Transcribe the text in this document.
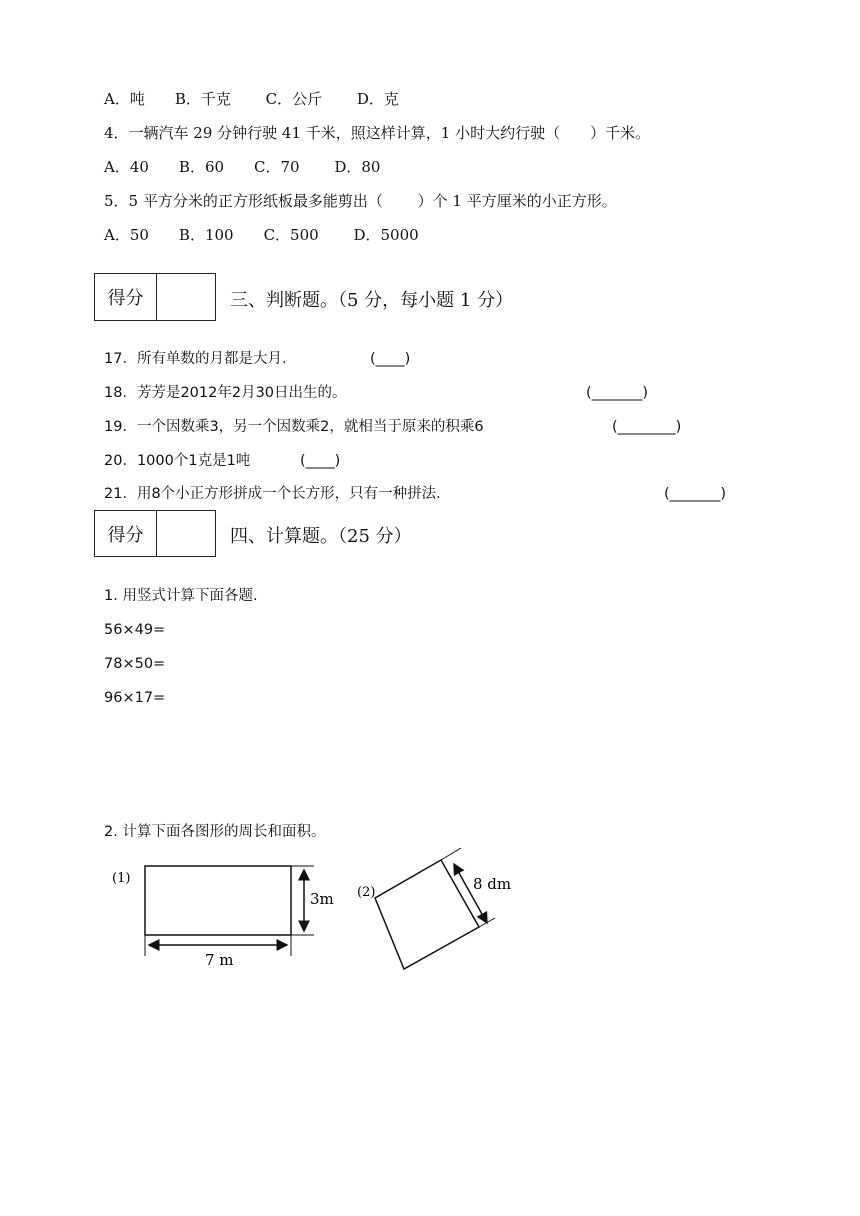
A．吨　　B．千克　　 C．公斤　　 D．克
4．一辆汽车 29 分钟行驶 41 千米，照这样计算，1 小时大约行驶（　　）千米。
A．40　　B．60　　C．70　　 D．80
5．5 平方分米的正方形纸板最多能剪出（　　 ）个 1 平方厘米的小正方形。
A．50　　B．100　　C．500　　 D．5000
得分	三、判断题。（5 分，每小题 1 分）
17．所有单数的月都是大月.	(____)
18．芳芳是2012年2月30日出生的。	(_______)
19．一个因数乘3，另一个因数乘2，就相当于原来的积乘6	(________)
20．1000个1克是1吨	(____)
21．用8个小正方形拼成一个长方形，只有一种拼法.	(_______)
得分	四、计算题。（25 分）
1. 用竖式计算下面各题.
56×49=
78×50=
96×17=
2. 计算下面各图形的周长和面积。
(1)
3m
7 m
(2)	8 dm
